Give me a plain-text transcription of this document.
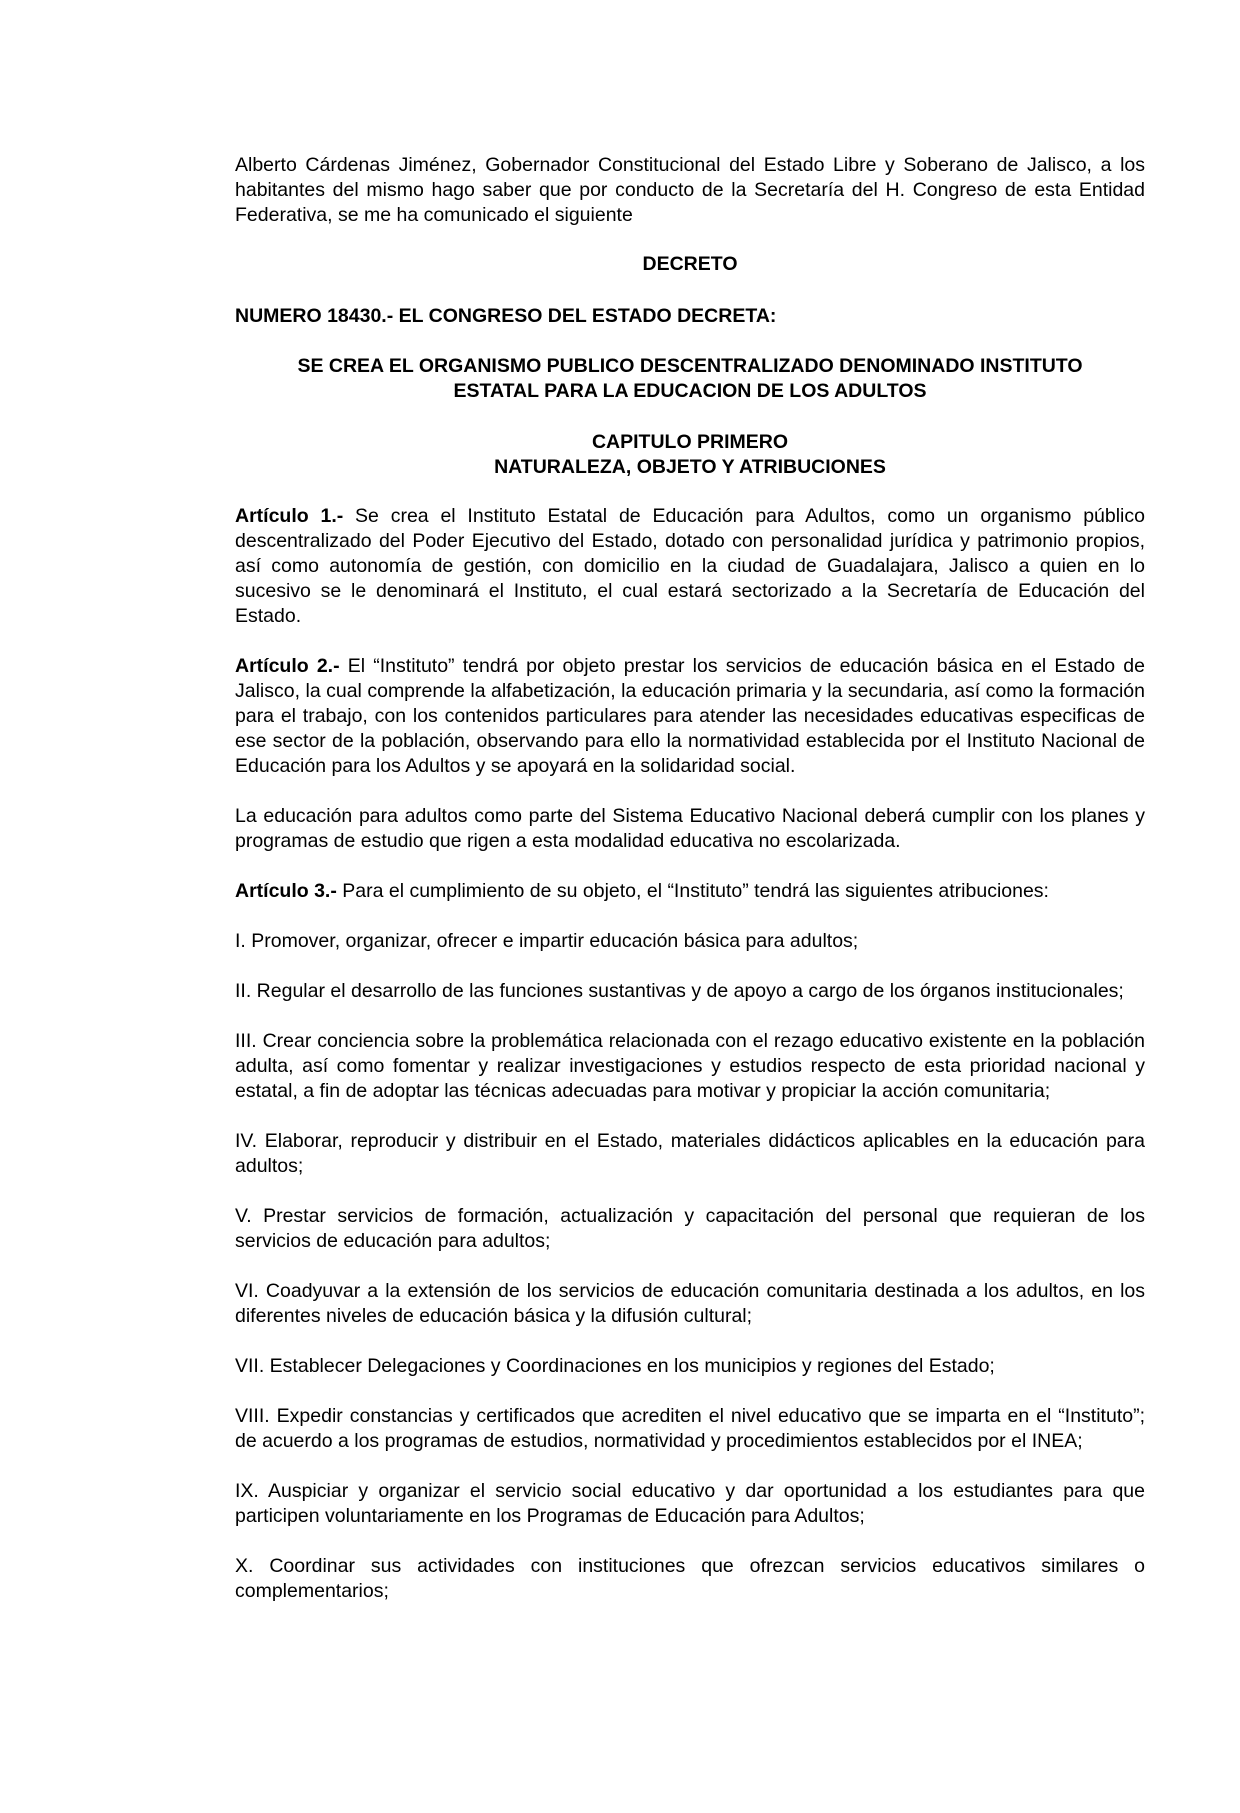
Alberto Cárdenas Jiménez, Gobernador Constitucional del Estado Libre y Soberano de Jalisco, a los habitantes del mismo hago saber que por conducto de la Secretaría del H. Congreso de esta Entidad Federativa, se me ha comunicado el siguiente

DECRETO

NUMERO 18430.- EL CONGRESO DEL ESTADO DECRETA:

SE CREA EL ORGANISMO PUBLICO DESCENTRALIZADO DENOMINADO INSTITUTO
ESTATAL PARA LA EDUCACION DE LOS ADULTOS

CAPITULO PRIMERO
NATURALEZA, OBJETO Y ATRIBUCIONES

Artículo 1.- Se crea el Instituto Estatal de Educación para Adultos, como un organismo público descentralizado del Poder Ejecutivo del Estado, dotado con personalidad jurídica y patrimonio propios, así como autonomía de gestión, con domicilio en la ciudad de Guadalajara, Jalisco a quien en lo sucesivo se le denominará el Instituto, el cual estará sectorizado a la Secretaría de Educación del Estado.

Artículo 2.- El “Instituto” tendrá por objeto prestar los servicios de educación básica en el Estado de Jalisco, la cual comprende la alfabetización, la educación primaria y la secundaria, así como la formación para el trabajo, con los contenidos particulares para atender las necesidades educativas especificas de ese sector de la población, observando para ello la normatividad establecida por el Instituto Nacional de Educación para los Adultos y se apoyará en la solidaridad social.

La educación para adultos como parte del Sistema Educativo Nacional deberá cumplir con los planes y programas de estudio que rigen a esta modalidad educativa no escolarizada.

Artículo 3.- Para el cumplimiento de su objeto, el “Instituto” tendrá las siguientes atribuciones:

I. Promover, organizar, ofrecer e impartir educación básica para adultos;

II. Regular el desarrollo de las funciones sustantivas y de apoyo a cargo de los órganos institucionales;

III. Crear conciencia sobre la problemática relacionada con el rezago educativo existente en la población adulta, así como fomentar y realizar investigaciones y estudios respecto de esta prioridad nacional y estatal, a fin de adoptar las técnicas adecuadas para motivar y propiciar la acción comunitaria;

IV. Elaborar, reproducir y distribuir en el Estado, materiales didácticos aplicables en la educación para adultos;

V. Prestar servicios de formación, actualización y capacitación del personal que requieran de los servicios de educación para adultos;

VI. Coadyuvar a la extensión de los servicios de educación comunitaria destinada a los adultos, en los diferentes niveles de educación básica y la difusión cultural;

VII. Establecer Delegaciones y Coordinaciones en los municipios y regiones del Estado;

VIII. Expedir constancias y certificados que acrediten el nivel educativo que se imparta en el “Instituto”; de acuerdo a los programas de estudios, normatividad y procedimientos establecidos por el INEA;

IX. Auspiciar y organizar el servicio social educativo y dar oportunidad a los estudiantes para que participen voluntariamente en los Programas de Educación para Adultos;

X. Coordinar sus actividades con instituciones que ofrezcan servicios educativos similares o complementarios;
